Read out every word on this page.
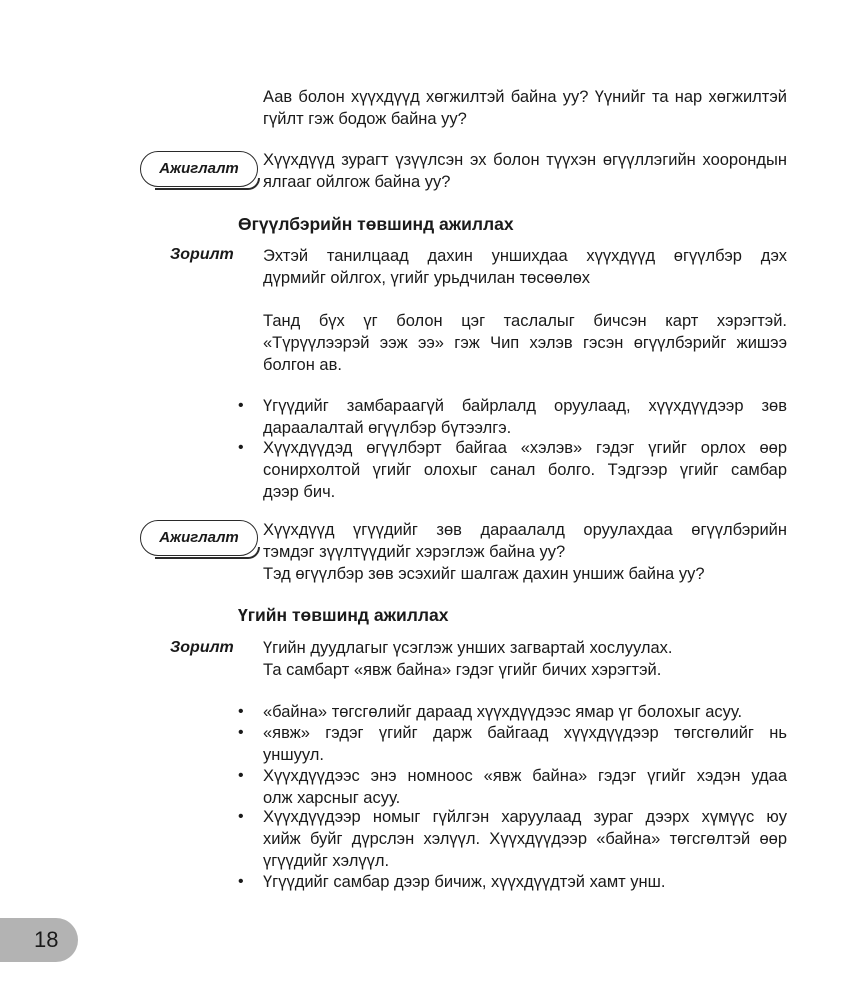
Аав болон хүүхдүүд хөгжилтэй байна уу? Үүнийг та нар хөгжилтэй
гүйлт гэж бодож байна уу?
Ажиглалт	Хүүхдүүд зурагт үзүүлсэн эх болон түүхэн өгүүллэгийн хоорондын
ялгааг ойлгож байна уу?
Өгүүлбэрийн төвшинд ажиллах
Зорилт Эхтэй танилцаад дахин уншихдаа хүүхдүүд өгүүлбэр дэх
дүрмийг ойлгох, үгийг урьдчилан төсөөлөх
Танд бүх үг болон цэг таслалыг бичсэн карт хэрэгтэй.
«Түрүүлээрэй ээж ээ» гэж Чип хэлэв гэсэн өгүүлбэрийг жишээ
болгон ав.
• Үгүүдийг замбараагүй байрлалд оруулаад, хүүхдүүдээр зөв
дараалалтай өгүүлбэр бүтээлгэ.
• Хүүхдүүдэд өгүүлбэрт байгаа «хэлэв» гэдэг үгийг орлох өөр
сонирхолтой үгийг олохыг санал болго. Тэдгээр үгийг самбар
дээр бич.
Ажиглалт	Хүүхдүүд үгүүдийг зөв дараалалд оруулахдаа өгүүлбэрийн
тэмдэг зүүлтүүдийг хэрэглэж байна уу?
Тэд өгүүлбэр зөв эсэхийг шалгаж дахин уншиж байна уу?
Үгийн төвшинд ажиллах
Зорилт Үгийн дуудлагыг үсэглэж унших загвартай хослуулах.
Та самбарт «явж байна» гэдэг үгийг бичих хэрэгтэй.
• «байна» төгсгөлийг дараад хүүхдүүдээс ямар үг болохыг асуу.
• «явж» гэдэг үгийг дарж байгаад хүүхдүүдээр төгсгөлийг нь
уншуул.
• Хүүхдүүдээс энэ номноос «явж байна» гэдэг үгийг хэдэн удаа
олж харсныг асуу.
• Хүүхдүүдээр номыг гүйлгэн харуулаад зураг дээрх хүмүүс юу
хийж буйг дүрслэн хэлүүл. Хүүхдүүдээр «байна» төгсгөлтэй өөр
үгүүдийг хэлүүл.
• Үгүүдийг самбар дээр бичиж, хүүхдүүдтэй хамт унш.
18
